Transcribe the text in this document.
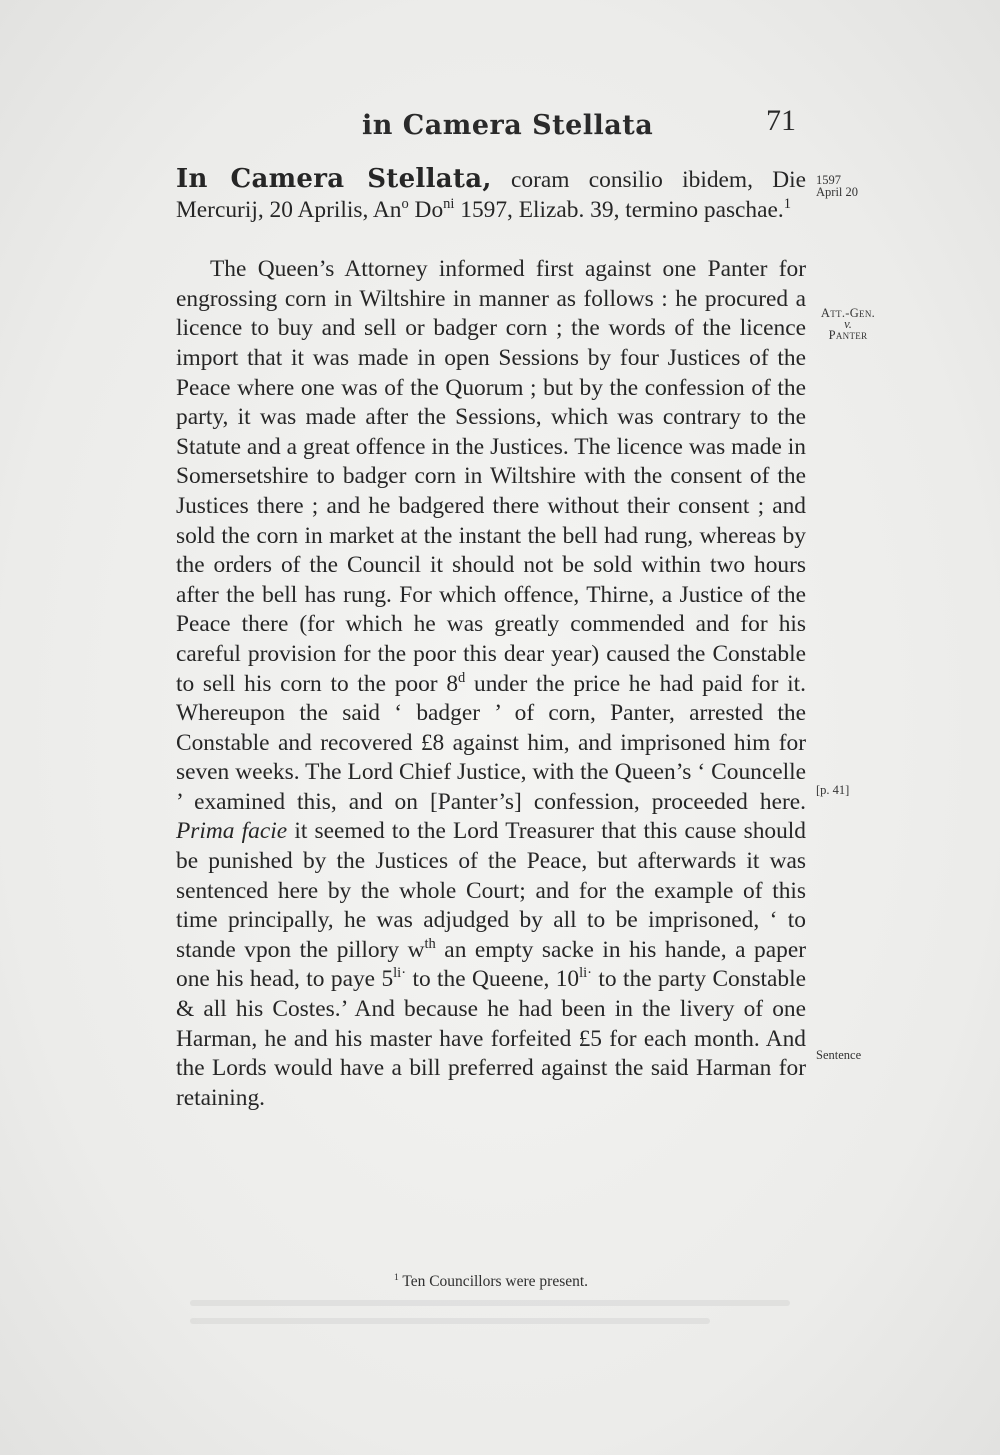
in Camera Stellata	71

In Camera Stellata, coram consilio ibidem, Die Mercurij, 20 Aprilis, An$^o$ $Do^{ni}$ 1597, Elizab. 39, termino paschae.$^1$

The Queen’s Attorney informed first against one Panter for engrossing corn in Wiltshire in manner as follows : he procured a licence to buy and sell or badger corn ; the words of the licence import that it was made in open Sessions by four Justices of the Peace where one was of the Quorum ; but by the confession of the party, it was made after the Sessions, which was contrary to the Statute and a great offence in the Justices. The licence was made in Somersetshire to badger corn in Wiltshire with the consent of the Justices there ; and he badgered there without their consent ; and sold the corn in market at the instant the bell had rung, whereas by the orders of the Council it should not be sold within two hours after the bell has rung. For which offence, Thirne, a Justice of the Peace there (for which he was greatly commended and for his careful provision for the poor this dear year) caused the Constable to sell his corn to the poor 8$^d$ under the price he had paid for it. Whereupon the said ‘ badger ’ of corn, Panter, arrested the Constable and recovered £8 against him, and imprisoned him for seven weeks. The Lord Chief Justice, with the Queen’s ‘ Councelle ’ examined this, and on [Panter’s] confession, proceeded here. Prima facie it seemed to the Lord Treasurer that this cause should be punished by the Justices of the Peace, but afterwards it was sentenced here by the whole Court; and for the example of this time principally, he was adjudged by all to be imprisoned, ‘ to stande vpon the pillory $w^{th}$ an empty sacke in his hande, a paper one his head, to paye $5^{li\cdot}$ to the Queene, $10^{li\cdot}$ to the party Constable & all his Costes.’ And because he had been in the livery of one Harman, he and his master have forfeited £5 for each month. And the Lords would have a bill preferred against the said Harman for retaining.

1597
April 20
Att.-Gen.
v.
Panter
[p. 41]
Sentence
$^1$ Ten Councillors were present.
